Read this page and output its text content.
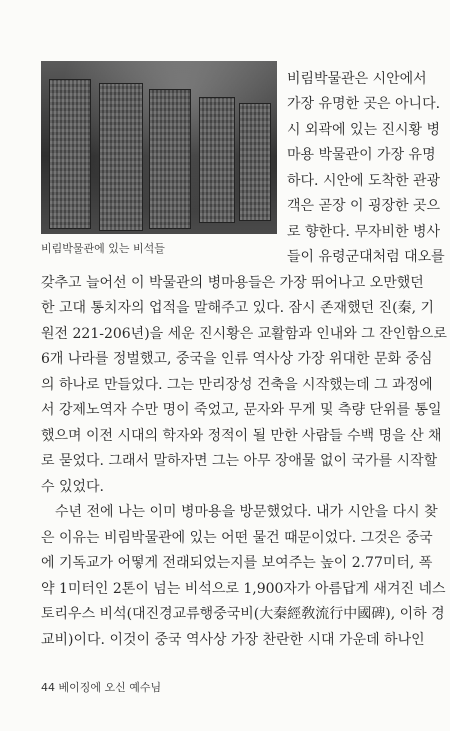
비림박물관에 있는 비석들
비림박물관은 시안에서
가장 유명한 곳은 아니다.
시 외곽에 있는 진시황 병
마용 박물관이 가장 유명
하다. 시안에 도착한 관광
객은 곧장 이 굉장한 곳으
로 향한다. 무자비한 병사
들이 유령군대처럼 대오를
갖추고 늘어선 이 박물관의 병마용들은 가장 뛰어나고 오만했던
한 고대 통치자의 업적을 말해주고 있다. 잠시 존재했던 진(秦, 기
원전 221-206년)을 세운 진시황은 교활함과 인내와 그 잔인함으로
6개 나라를 정벌했고, 중국을 인류 역사상 가장 위대한 문화 중심
의 하나로 만들었다. 그는 만리장성 건축을 시작했는데 그 과정에
서 강제노역자 수만 명이 죽었고, 문자와 무게 및 측량 단위를 통일
했으며 이전 시대의 학자와 정적이 될 만한 사람들 수백 명을 산 채
로 묻었다. 그래서 말하자면 그는 아무 장애물 없이 국가를 시작할
수 있었다.
수년 전에 나는 이미 병마용을 방문했었다. 내가 시안을 다시 찾
은 이유는 비림박물관에 있는 어떤 물건 때문이었다. 그것은 중국
에 기독교가 어떻게 전래되었는지를 보여주는 높이 2.77미터, 폭
약 1미터인 2톤이 넘는 비석으로 1,900자가 아름답게 새겨진 네스
토리우스 비석(대진경교류행중국비(大秦經敎流行中國碑), 이하 경
교비)이다. 이것이 중국 역사상 가장 찬란한 시대 가운데 하나인
44 베이징에 오신 예수님
